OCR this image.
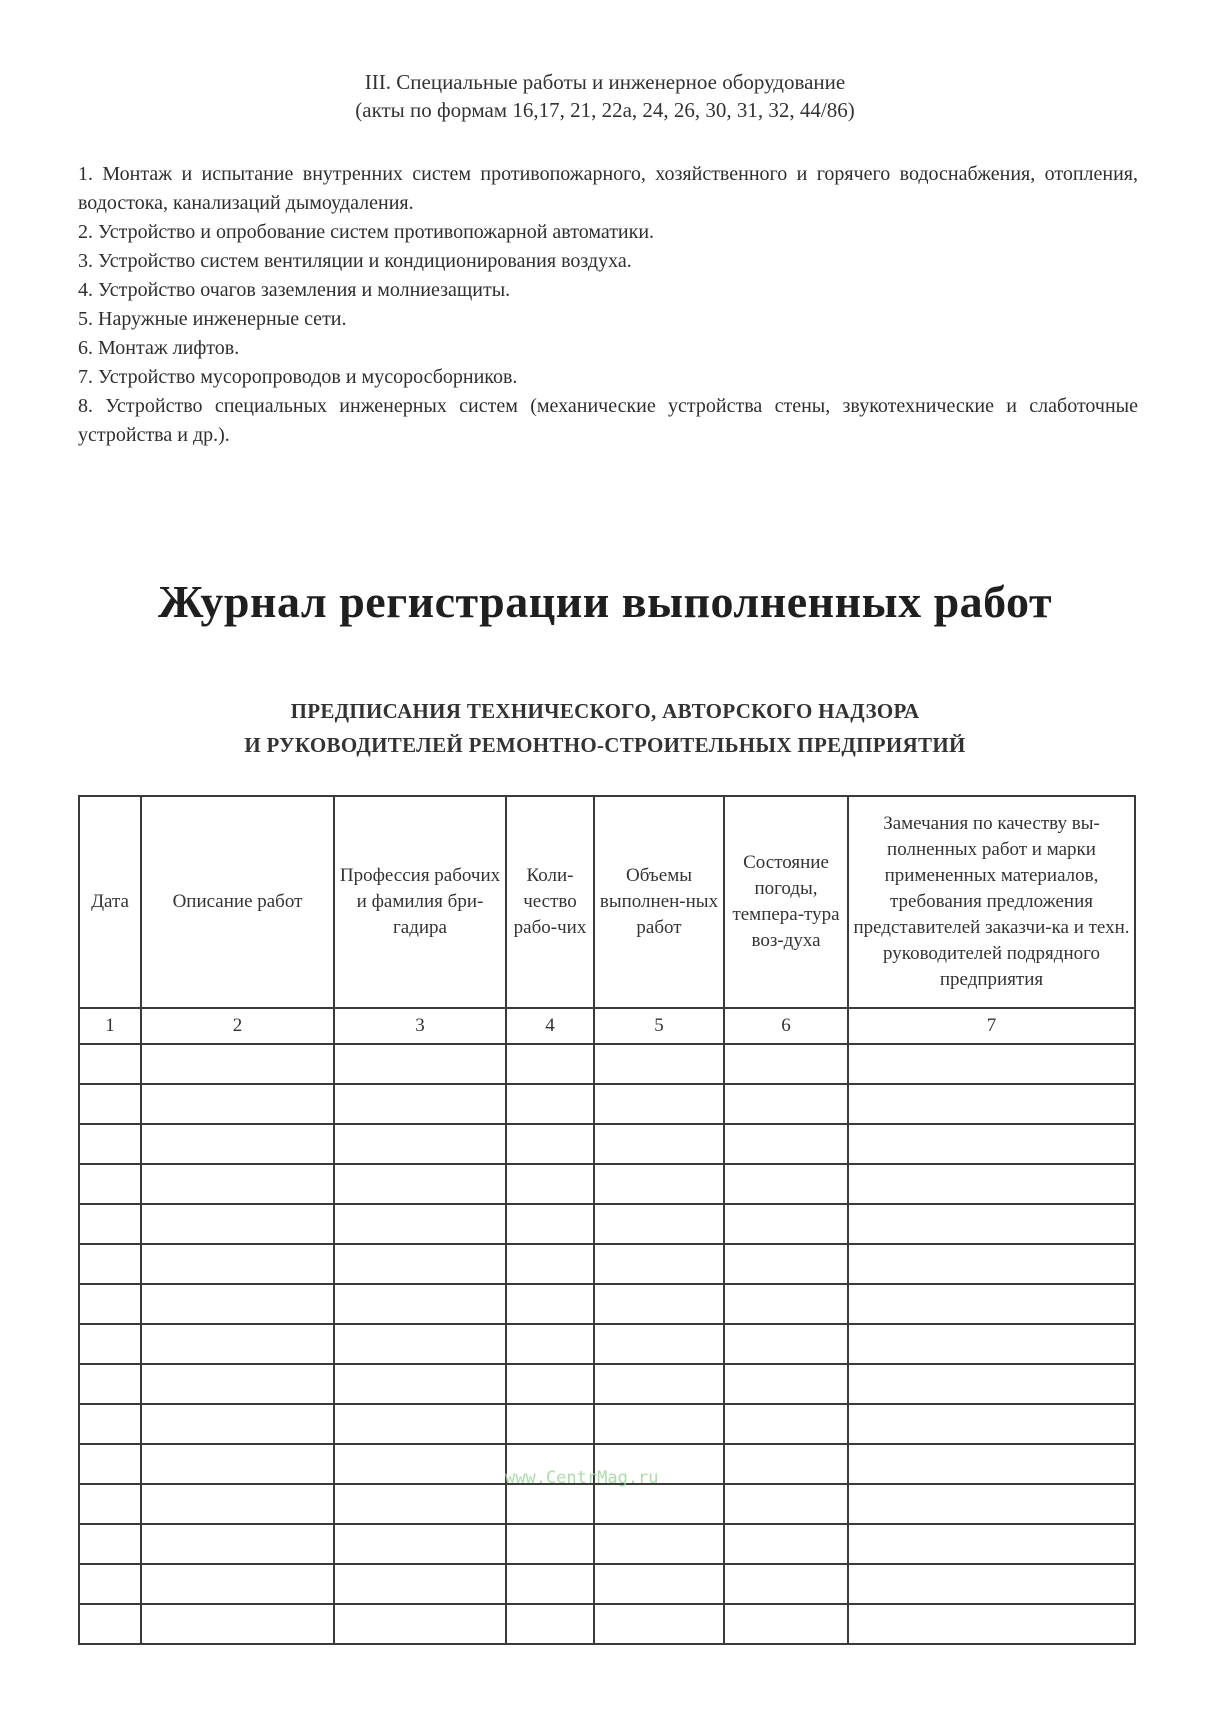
III. Специальные работы и инженерное оборудование
(акты по формам 16,17, 21, 22а, 24, 26, 30, 31, 32, 44/86)
1. Монтаж и испытание внутренних систем противопожарного, хозяйственного и горячего водоснабжения, отопления, водостока, канализаций дымоудаления.
2. Устройство и опробование систем противопожарной автоматики.
3. Устройство систем вентиляции и кондиционирования воздуха.
4. Устройство очагов заземления и молниезащиты.
5. Наружные инженерные сети.
6. Монтаж лифтов.
7. Устройство мусоропроводов и мусоросборников.
8. Устройство специальных инженерных систем (механические устройства стены, звукотехнические и слаботочные устройства и др.).
Журнал регистрации выполненных работ
ПРЕДПИСАНИЯ ТЕХНИЧЕСКОГО, АВТОРСКОГО НАДЗОРА
И РУКОВОДИТЕЛЕЙ РЕМОНТНО-СТРОИТЕЛЬНЫХ ПРЕДПРИЯТИЙ
Дата	Описание работ	Профессия рабочих и фамилия бри-гадира	Коли-чество рабо-чих	Объемы выполнен-ных работ	Состояние погоды, темпера-тура воз-духа	Замечания по качеству вы-полненных работ и марки примененных материалов, требования предложения представителей заказчи-ка и техн. руководителей подрядного предприятия
1	2	3	4	5	6	7

www.CentrMag.ru
